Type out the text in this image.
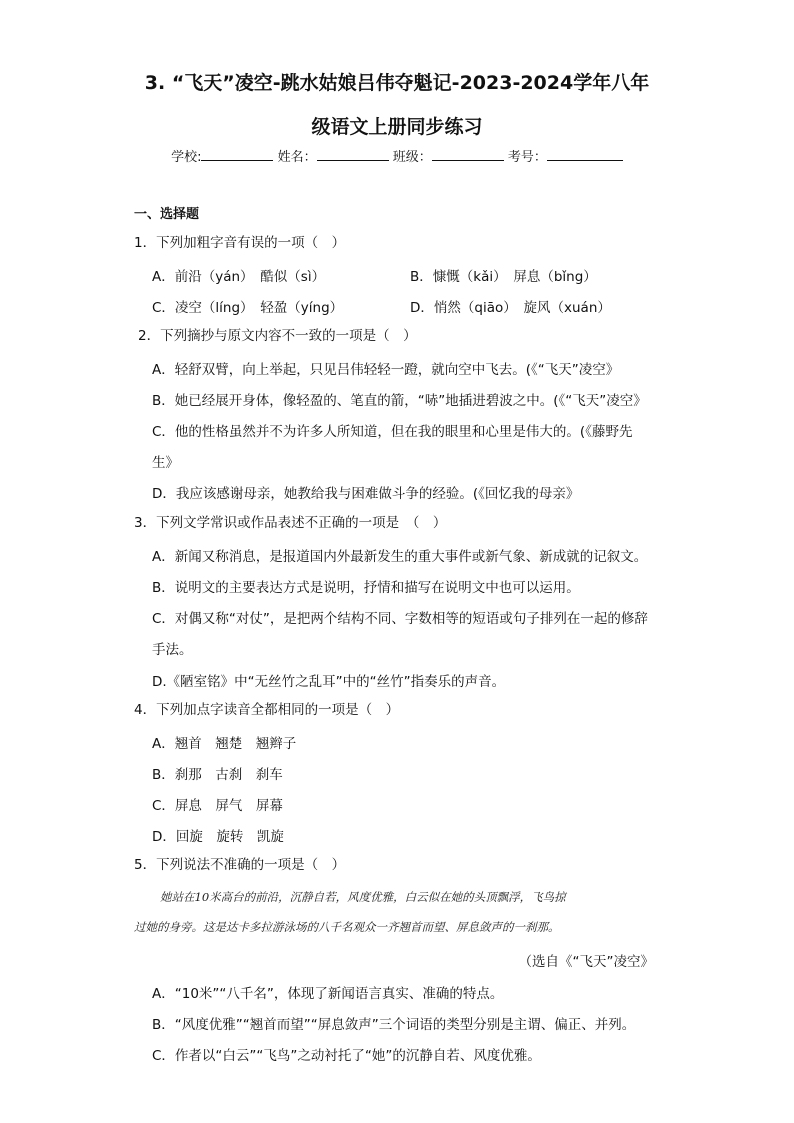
3. “飞天”凌空-跳水姑娘吕伟夺魁记-2023-2024学年八年
级语文上册同步练习
学校:	姓名：	班级：	考号：
一、选择题
1．下列加粗字音有误的一项（　）
A．前沿（yán）　酷似（sì）	B．慷慨（kǎi）　屏息（bǐng）
C．凌空（líng）　轻盈（yíng）	D．悄然（qiāo）　旋风（xuán）
2．下列摘抄与原文内容不一致的一项是（　）
A．轻舒双臂，向上举起，只见吕伟轻轻一蹬，就向空中飞去。(《“飞天”凌空》
B．她已经展开身体，像轻盈的、笔直的箭，“哧”地插进碧波之中。(《“飞天”凌空》
C．他的性格虽然并不为许多人所知道，但在我的眼里和心里是伟大的。(《藤野先
生》
D．我应该感谢母亲，她教给我与困难做斗争的经验。(《回忆我的母亲》
3．下列文学常识或作品表述不正确的一项是　（　）
A．新闻又称消息，是报道国内外最新发生的重大事件或新气象、新成就的记叙文。
B．说明文的主要表达方式是说明，抒情和描写在说明文中也可以运用。
C．对偶又称“对仗”，是把两个结构不同、字数相等的短语或句子排列在一起的修辞
手法。
D.《陋室铭》中“无丝竹之乱耳”中的“丝竹”指奏乐的声音。
4．下列加点字读音全都相同的一项是（　）
A．翘首　翘楚　翘辫子
B．刹那　古刹　刹车
C．屏息　屏气　屏幕
D．回旋　旋转　凯旋
5．下列说法不准确的一项是（　）
她站在10米高台的前沿，沉静自若，风度优雅，白云似在她的头顶飘浮，飞鸟掠
过她的身旁。这是达卡多拉游泳场的八千名观众一齐翘首而望、屏息敛声的一刹那。
（选自《“飞天”凌空》
A．“10米”“八千名”，体现了新闻语言真实、准确的特点。
B．“风度优雅”“翘首而望”“屏息敛声”三个词语的类型分别是主谓、偏正、并列。
C．作者以“白云”“飞鸟”之动衬托了“她”的沉静自若、风度优雅。
